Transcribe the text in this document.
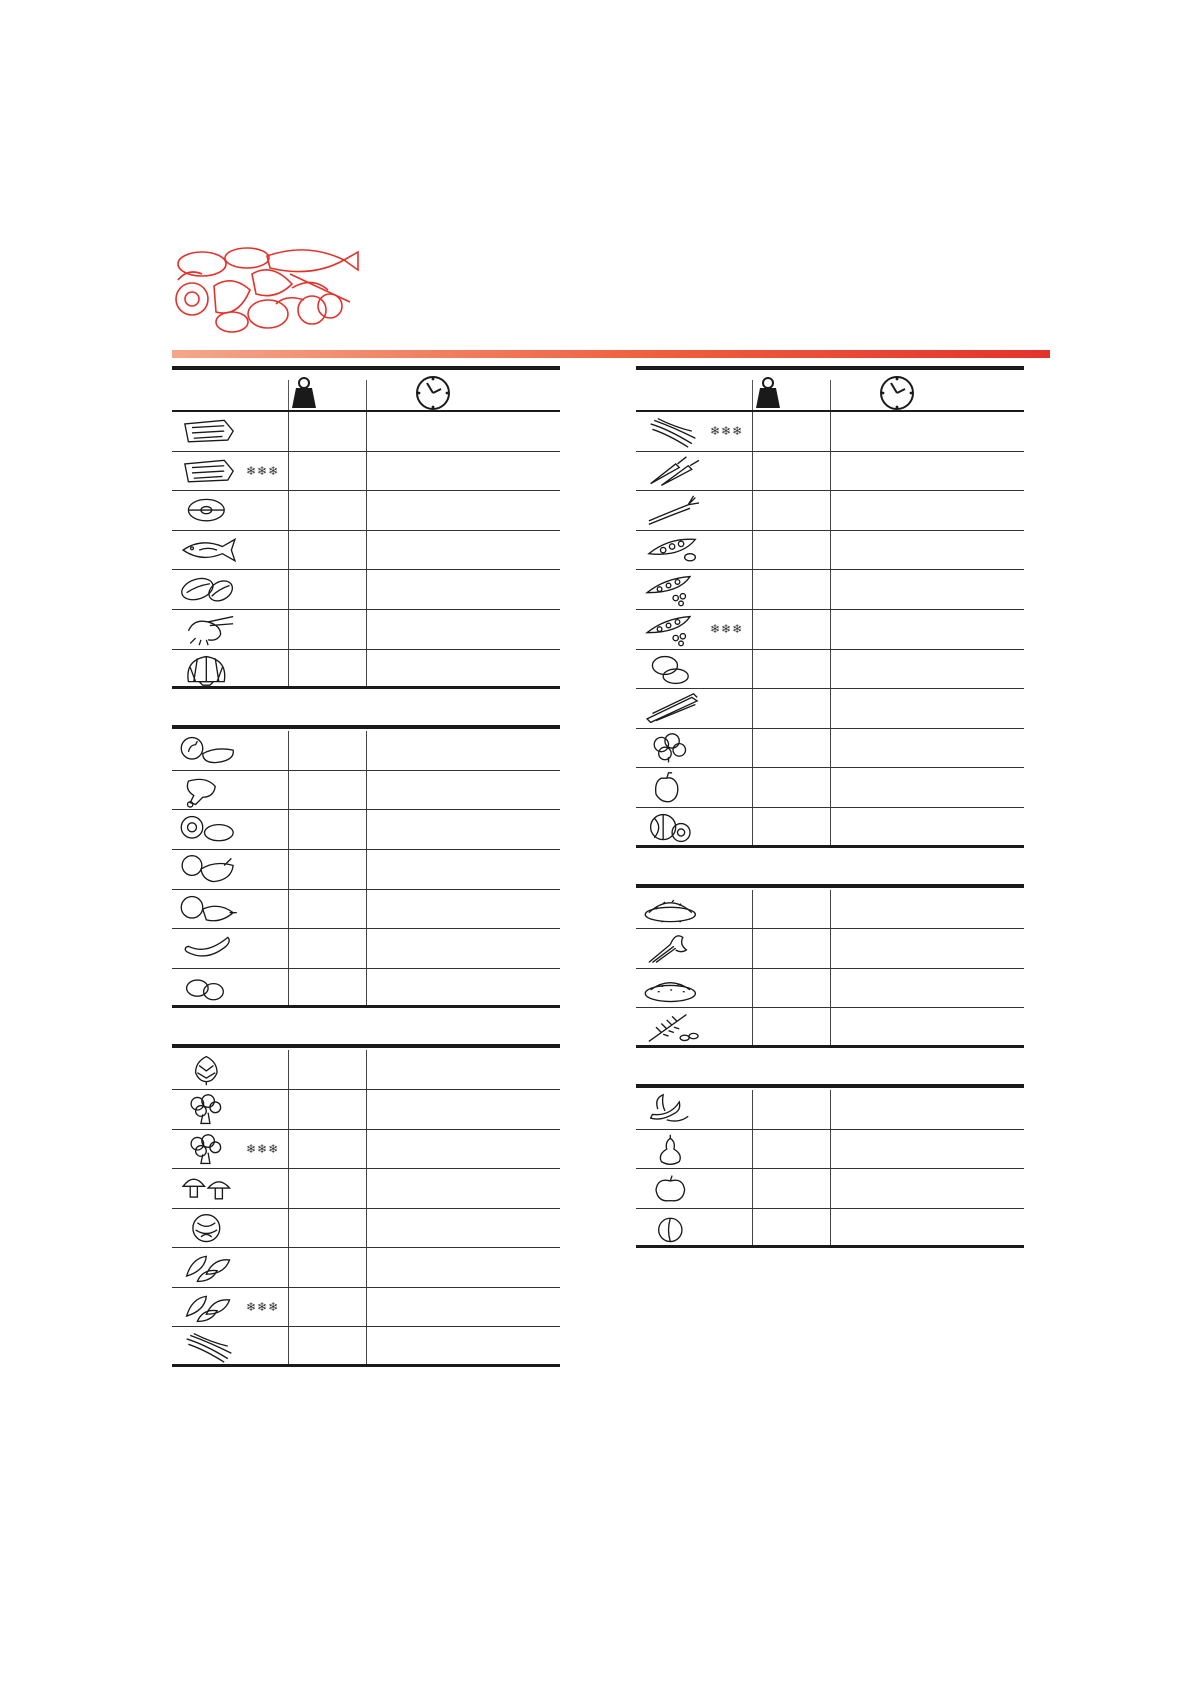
❄❄❄
❄❄❄
❄❄❄
❄❄❄
❄❄❄
